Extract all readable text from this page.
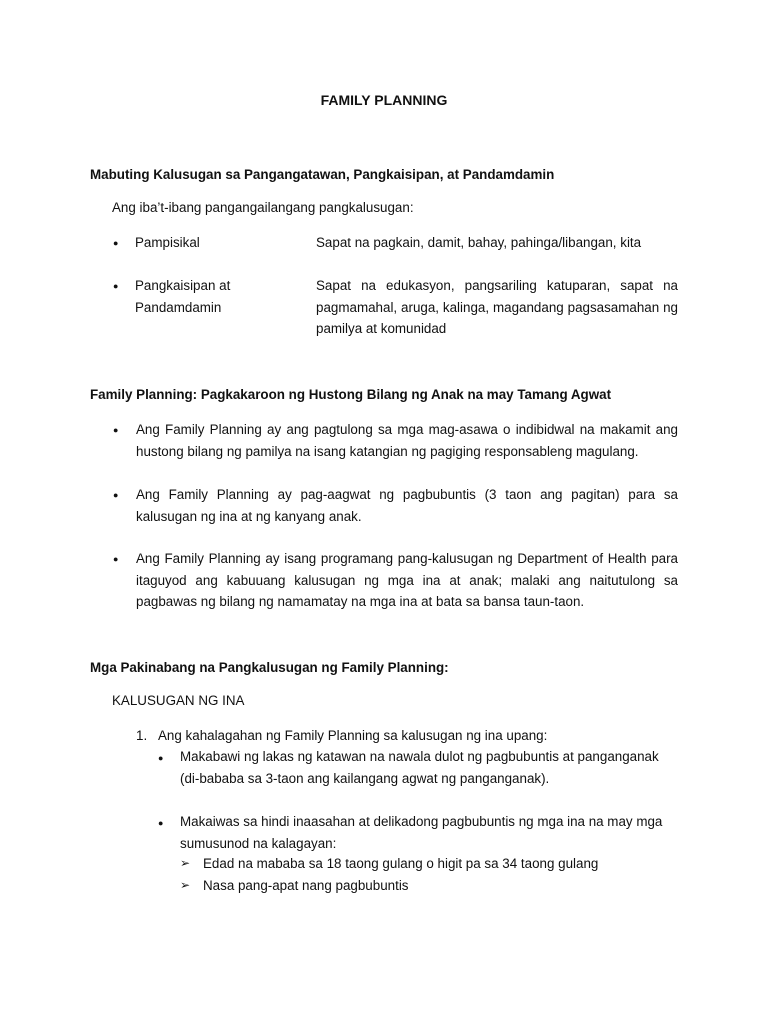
FAMILY PLANNING
Mabuting Kalusugan sa Pangangatawan, Pangkaisipan, at Pandamdamin
Ang iba’t-ibang pangangailangang pangkalusugan:
● Pampisikal	Sapat na pagkain, damit, bahay, pahinga/libangan, kita
● Pangkaisipan at Pandamdamin
Sapat na edukasyon, pangsariling katuparan, sapat na pagmamahal, aruga, kalinga, magandang pagsasamahan ng pamilya at komunidad
Family Planning: Pagkakaroon ng Hustong Bilang ng Anak na may Tamang Agwat
● Ang Family Planning ay ang pagtulong sa mga mag-asawa o indibidwal na makamit ang hustong bilang ng pamilya na isang katangian ng pagiging responsableng magulang.
● Ang Family Planning ay pag-aagwat ng pagbubuntis (3 taon ang pagitan) para sa kalusugan ng ina at ng kanyang anak.
● Ang Family Planning ay isang programang pang-kalusugan ng Department of Health para itaguyod ang kabuuang kalusugan ng mga ina at anak; malaki ang naitutulong sa pagbawas ng bilang ng namamatay na mga ina at bata sa bansa taun-taon.
Mga Pakinabang na Pangkalusugan ng Family Planning:
KALUSUGAN NG INA
1. Ang kahalagahan ng Family Planning sa kalusugan ng ina upang:
● Makabawi ng lakas ng katawan na nawala dulot ng pagbubuntis at panganganak (di-bababa sa 3-taon ang kailangang agwat ng panganganak).
● Makaiwas sa hindi inaasahan at delikadong pagbubuntis ng mga ina na may mga sumusunod na kalagayan:
➢ Edad na mababa sa 18 taong gulang o higit pa sa 34 taong gulang
➢ Nasa pang-apat nang pagbubuntis
